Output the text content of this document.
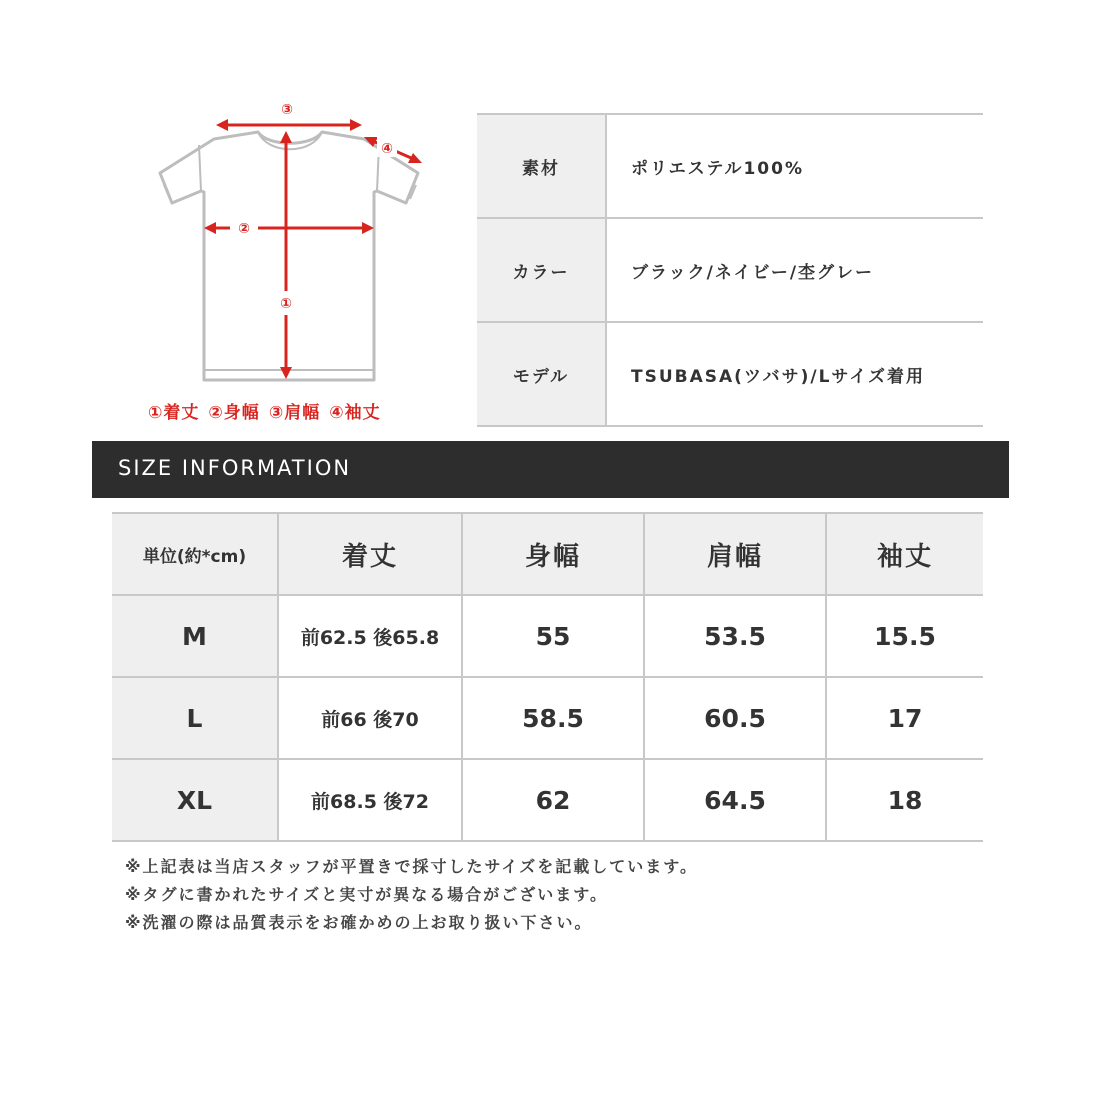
③
④
②
①
①着丈 ②身幅 ③肩幅 ④袖丈
素材	ポリエステル100%
カラー	ブラック/ネイビー/杢グレー
モデル	TSUBASA(ツバサ)/Lサイズ着用
SIZE INFORMATION
単位(約*cm)	着丈	身幅	肩幅	袖丈
M	前62.5 後65.8	55	53.5	15.5
L	前66 後70	58.5	60.5	17
XL	前68.5 後72	62	64.5	18
※上記表は当店スタッフが平置きで採寸したサイズを記載しています。
※タグに書かれたサイズと実寸が異なる場合がございます。
※洗濯の際は品質表示をお確かめの上お取り扱い下さい。
